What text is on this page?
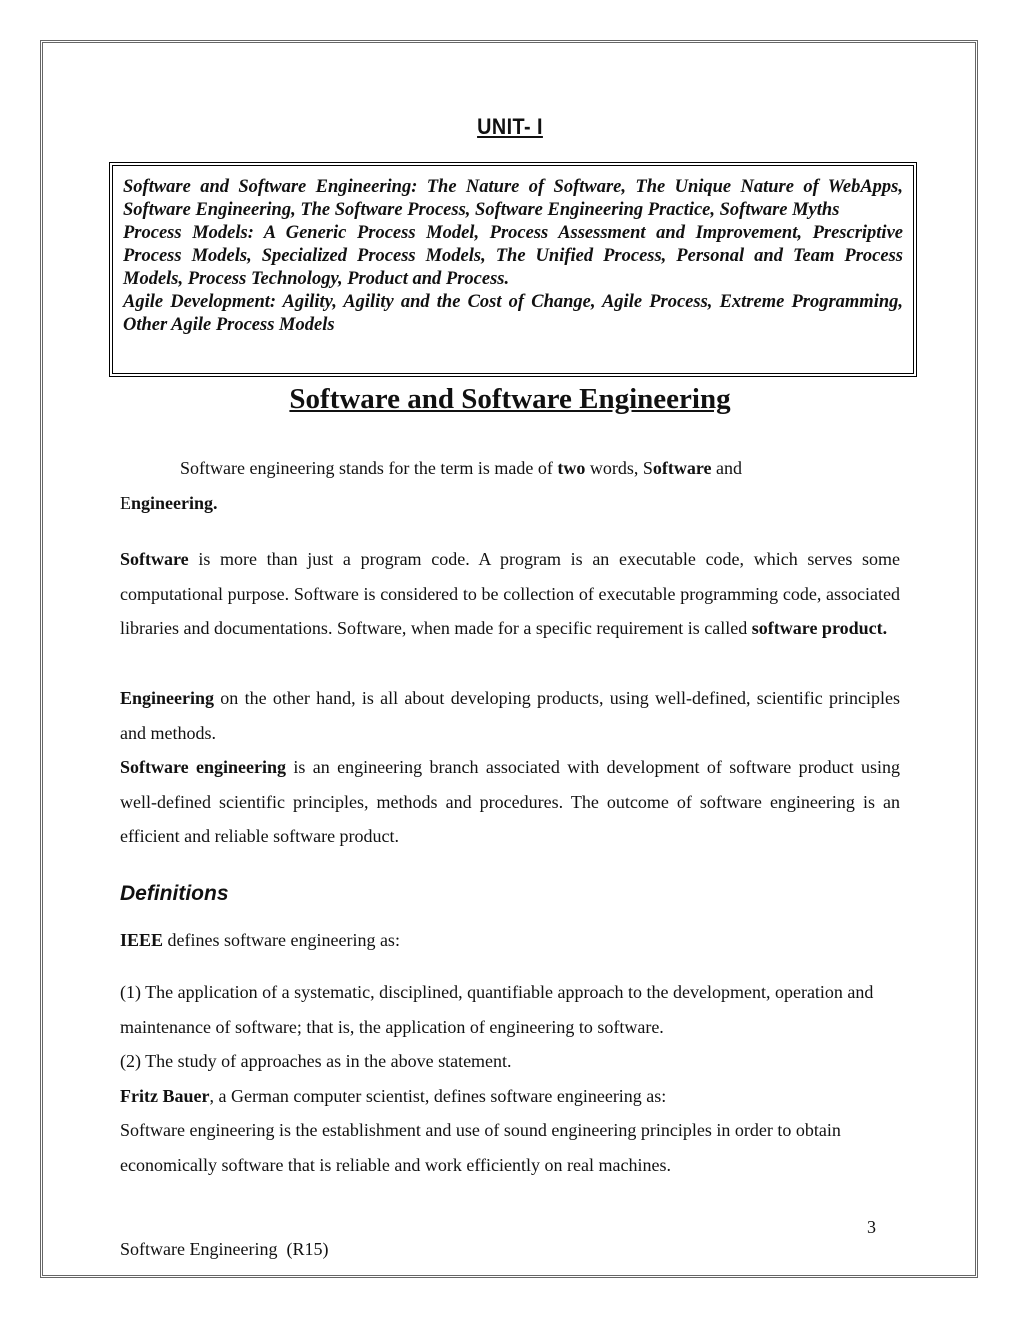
UNIT- I

Software and Software Engineering: The Nature of Software, The Unique Nature of WebApps, Software Engineering, The Software Process, Software Engineering Practice, Software Myths

Process Models: A Generic Process Model, Process Assessment and Improvement, Prescriptive Process Models, Specialized Process Models, The Unified Process, Personal and Team Process Models, Process Technology, Product and Process.

Agile Development: Agility, Agility and the Cost of Change, Agile Process, Extreme Programming, Other Agile Process Models

Software and Software Engineering

Software engineering stands for the term is made of two words, Software and

Engineering.

Software is more than just a program code. A program is an executable code, which serves some computational purpose. Software is considered to be collection of executable programming code, associated libraries and documentations. Software, when made for a specific requirement is called software product.

Engineering on the other hand, is all about developing products, using well-defined, scientific principles and methods.

Software engineering is an engineering branch associated with development of software product using well-defined scientific principles, methods and procedures. The outcome of software engineering is an efficient and reliable software product.

Definitions

IEEE defines software engineering as:

(1) The application of a systematic, disciplined, quantifiable approach to the development, operation and maintenance of software; that is, the application of engineering to software.

(2) The study of approaches as in the above statement.

Fritz Bauer, a German computer scientist, defines software engineering as:

Software engineering is the establishment and use of sound engineering principles in order to obtain economically software that is reliable and work efficiently on real machines.

3
Software Engineering  (R15)
